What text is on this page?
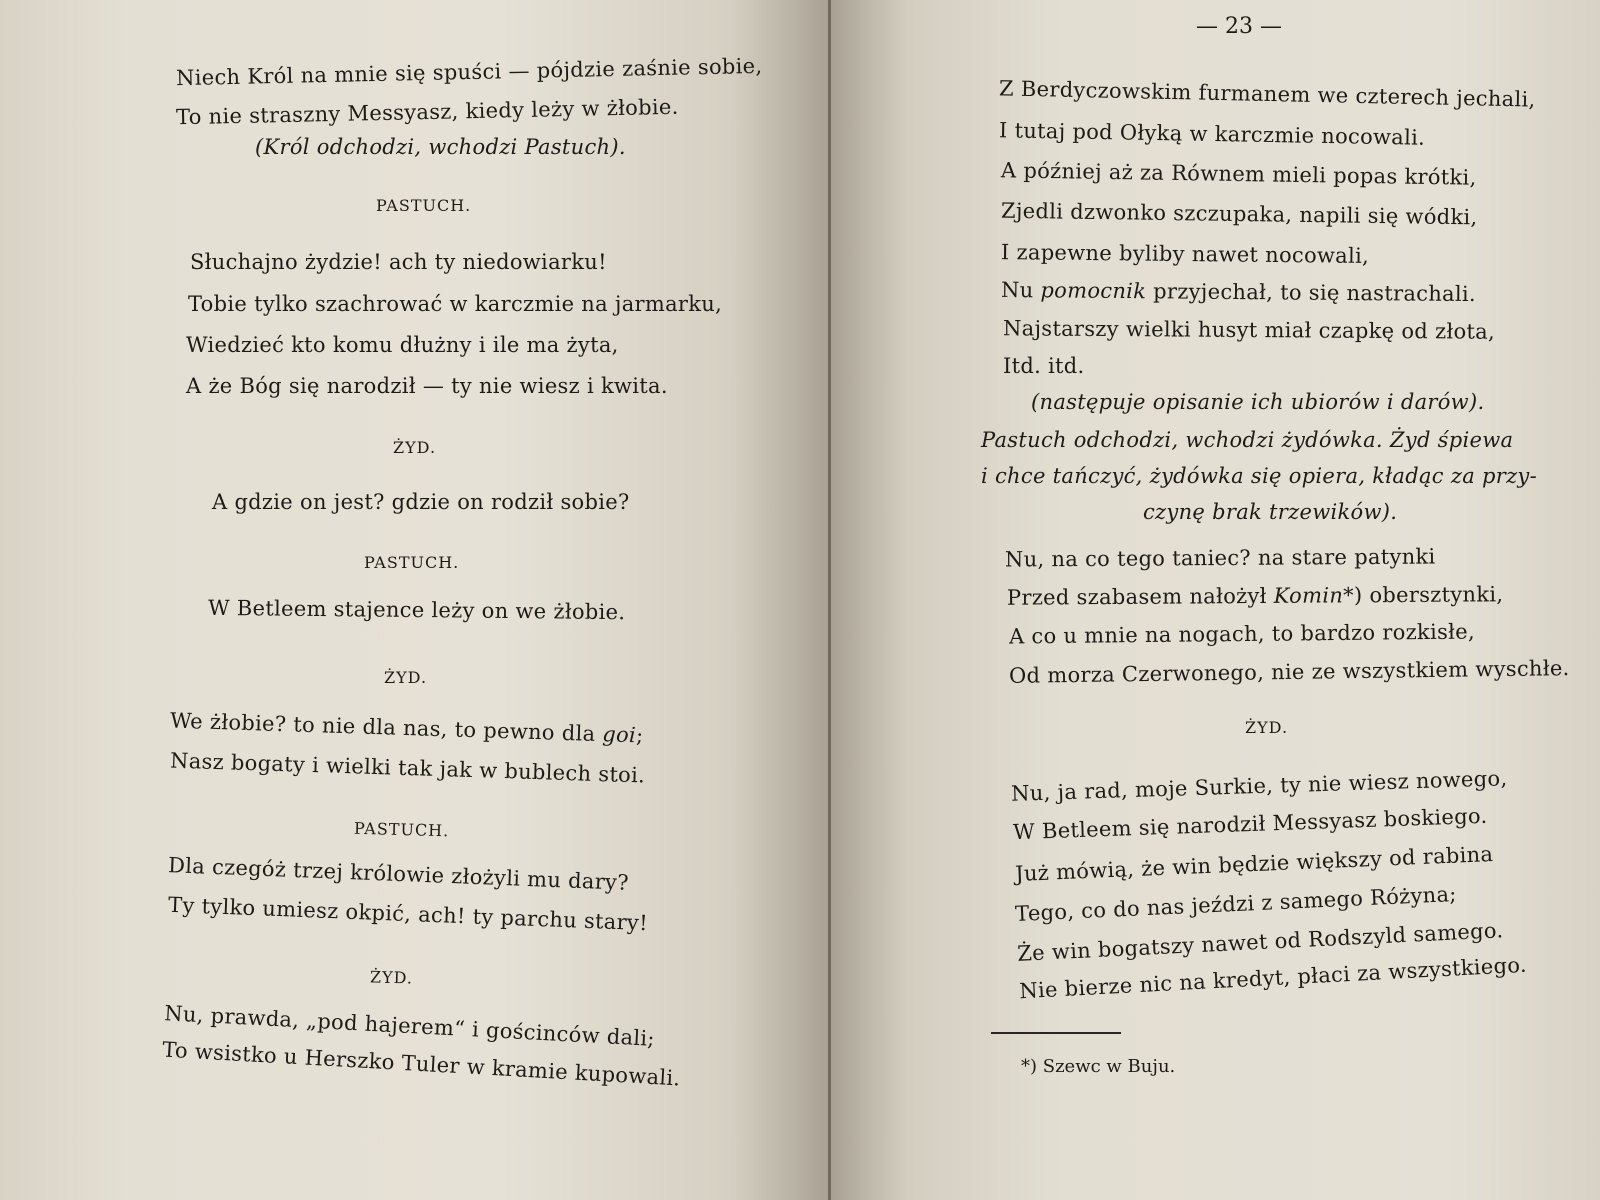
Niech Król na mnie się spuści — pójdzie zaśnie sobie,
To nie straszny Messyasz, kiedy leży w żłobie.
(Król odchodzi, wchodzi Pastuch).
PASTUCH.
Słuchajno żydzie! ach ty niedowiarku!
Tobie tylko szachrować w karczmie na jarmarku,
Wiedzieć kto komu dłużny i ile ma żyta,
A że Bóg się narodził — ty nie wiesz i kwita.
ŻYD.
A gdzie on jest? gdzie on rodził sobie?
PASTUCH.
W Betleem stajence leży on we żłobie.
ŻYD.
We żłobie? to nie dla nas, to pewno dla goi;
Nasz bogaty i wielki tak jak w bublech stoi.
PASTUCH.
Dla czegóż trzej królowie złożyli mu dary?
Ty tylko umiesz okpić, ach! ty parchu stary!
ŻYD.
Nu, prawda, „pod hajerem“ i gościnców dali;
To wsistko u Herszko Tuler w kramie kupowali.
— 23 —
Z Berdyczowskim furmanem we czterech jechali,
I tutaj pod Ołyką w karczmie nocowali.
A później aż za Równem mieli popas krótki,
Zjedli dzwonko szczupaka, napili się wódki,
I zapewne byliby nawet nocowali,
Nu pomocnik przyjechał, to się nastrachali.
Najstarszy wielki husyt miał czapkę od złota,
Itd. itd.
(następuje opisanie ich ubiorów i darów).
Pastuch odchodzi, wchodzi żydówka. Żyd śpiewa
i chce tańczyć, żydówka się opiera, kładąc za przy-
czynę brak trzewików).
Nu, na co tego taniec? na stare patynki
Przed szabasem nałożył Komin*) obersztynki,
A co u mnie na nogach, to bardzo rozkisłe,
Od morza Czerwonego, nie ze wszystkiem wyschłe.
ŻYD.
Nu, ja rad, moje Surkie, ty nie wiesz nowego,
W Betleem się narodził Messyasz boskiego.
Już mówią, że win będzie większy od rabina
Tego, co do nas jeździ z samego Różyna;
Że win bogatszy nawet od Rodszyld samego.
Nie bierze nic na kredyt, płaci za wszystkiego.
*) Szewc w Buju.
